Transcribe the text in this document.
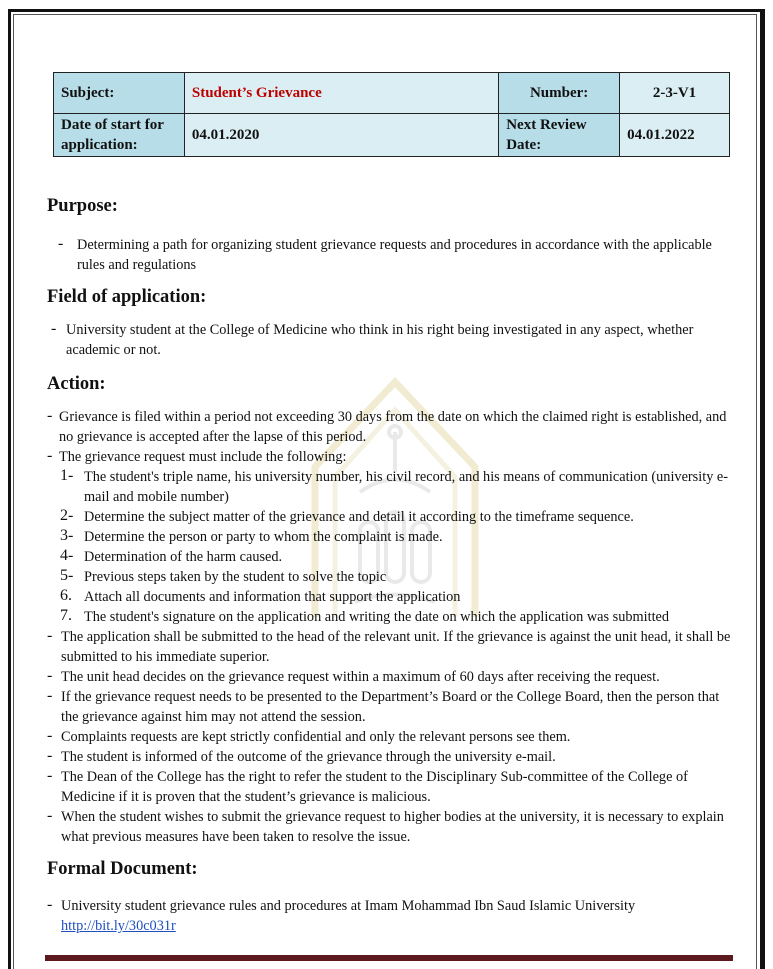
Subject:	Student’s Grievance	Number:	2-3-V1
Date of start for application:	04.01.2020	Next Review Date:	04.01.2022
Purpose:
- Determining a path for organizing student grievance requests and procedures in accordance with the applicable rules and regulations

Field of application:
- University student at the College of Medicine who think in his right being investigated in any aspect, whether academic or not.

Action:
- Grievance is filed within a period not exceeding 30 days from the date on which the claimed right is established, and no grievance is accepted after the lapse of this period.

- The grievance request must include the following:

1- The student's triple name, his university number, his civil record, and his means of communication (university e-mail and mobile number)

2- Determine the subject matter of the grievance and detail it according to the timeframe sequence.

3- Determine the person or party to whom the complaint is made.

4- Determination of the harm caused.

5- Previous steps taken by the student to solve the topic

6. Attach all documents and information that support the application

7. The student's signature on the application and writing the date on which the application was submitted

- The application shall be submitted to the head of the relevant unit. If the grievance is against the unit head, it shall be submitted to his immediate superior.

- The unit head decides on the grievance request within a maximum of 60 days after receiving the request.

- If the grievance request needs to be presented to the Department’s Board or the College Board, then the person that the grievance against him may not attend the session.

- Complaints requests are kept strictly confidential and only the relevant persons see them.

- The student is informed of the outcome of the grievance through the university e-mail.

- The Dean of the College has the right to refer the student to the Disciplinary Sub-committee of the College of Medicine if it is proven that the student’s grievance is malicious.

- When the student wishes to submit the grievance request to higher bodies at the university, it is necessary to explain what previous measures have been taken to resolve the issue.

Formal Document:
- University student grievance rules and procedures at Imam Mohammad Ibn Saud Islamic University

http://bit.ly/30c031r
